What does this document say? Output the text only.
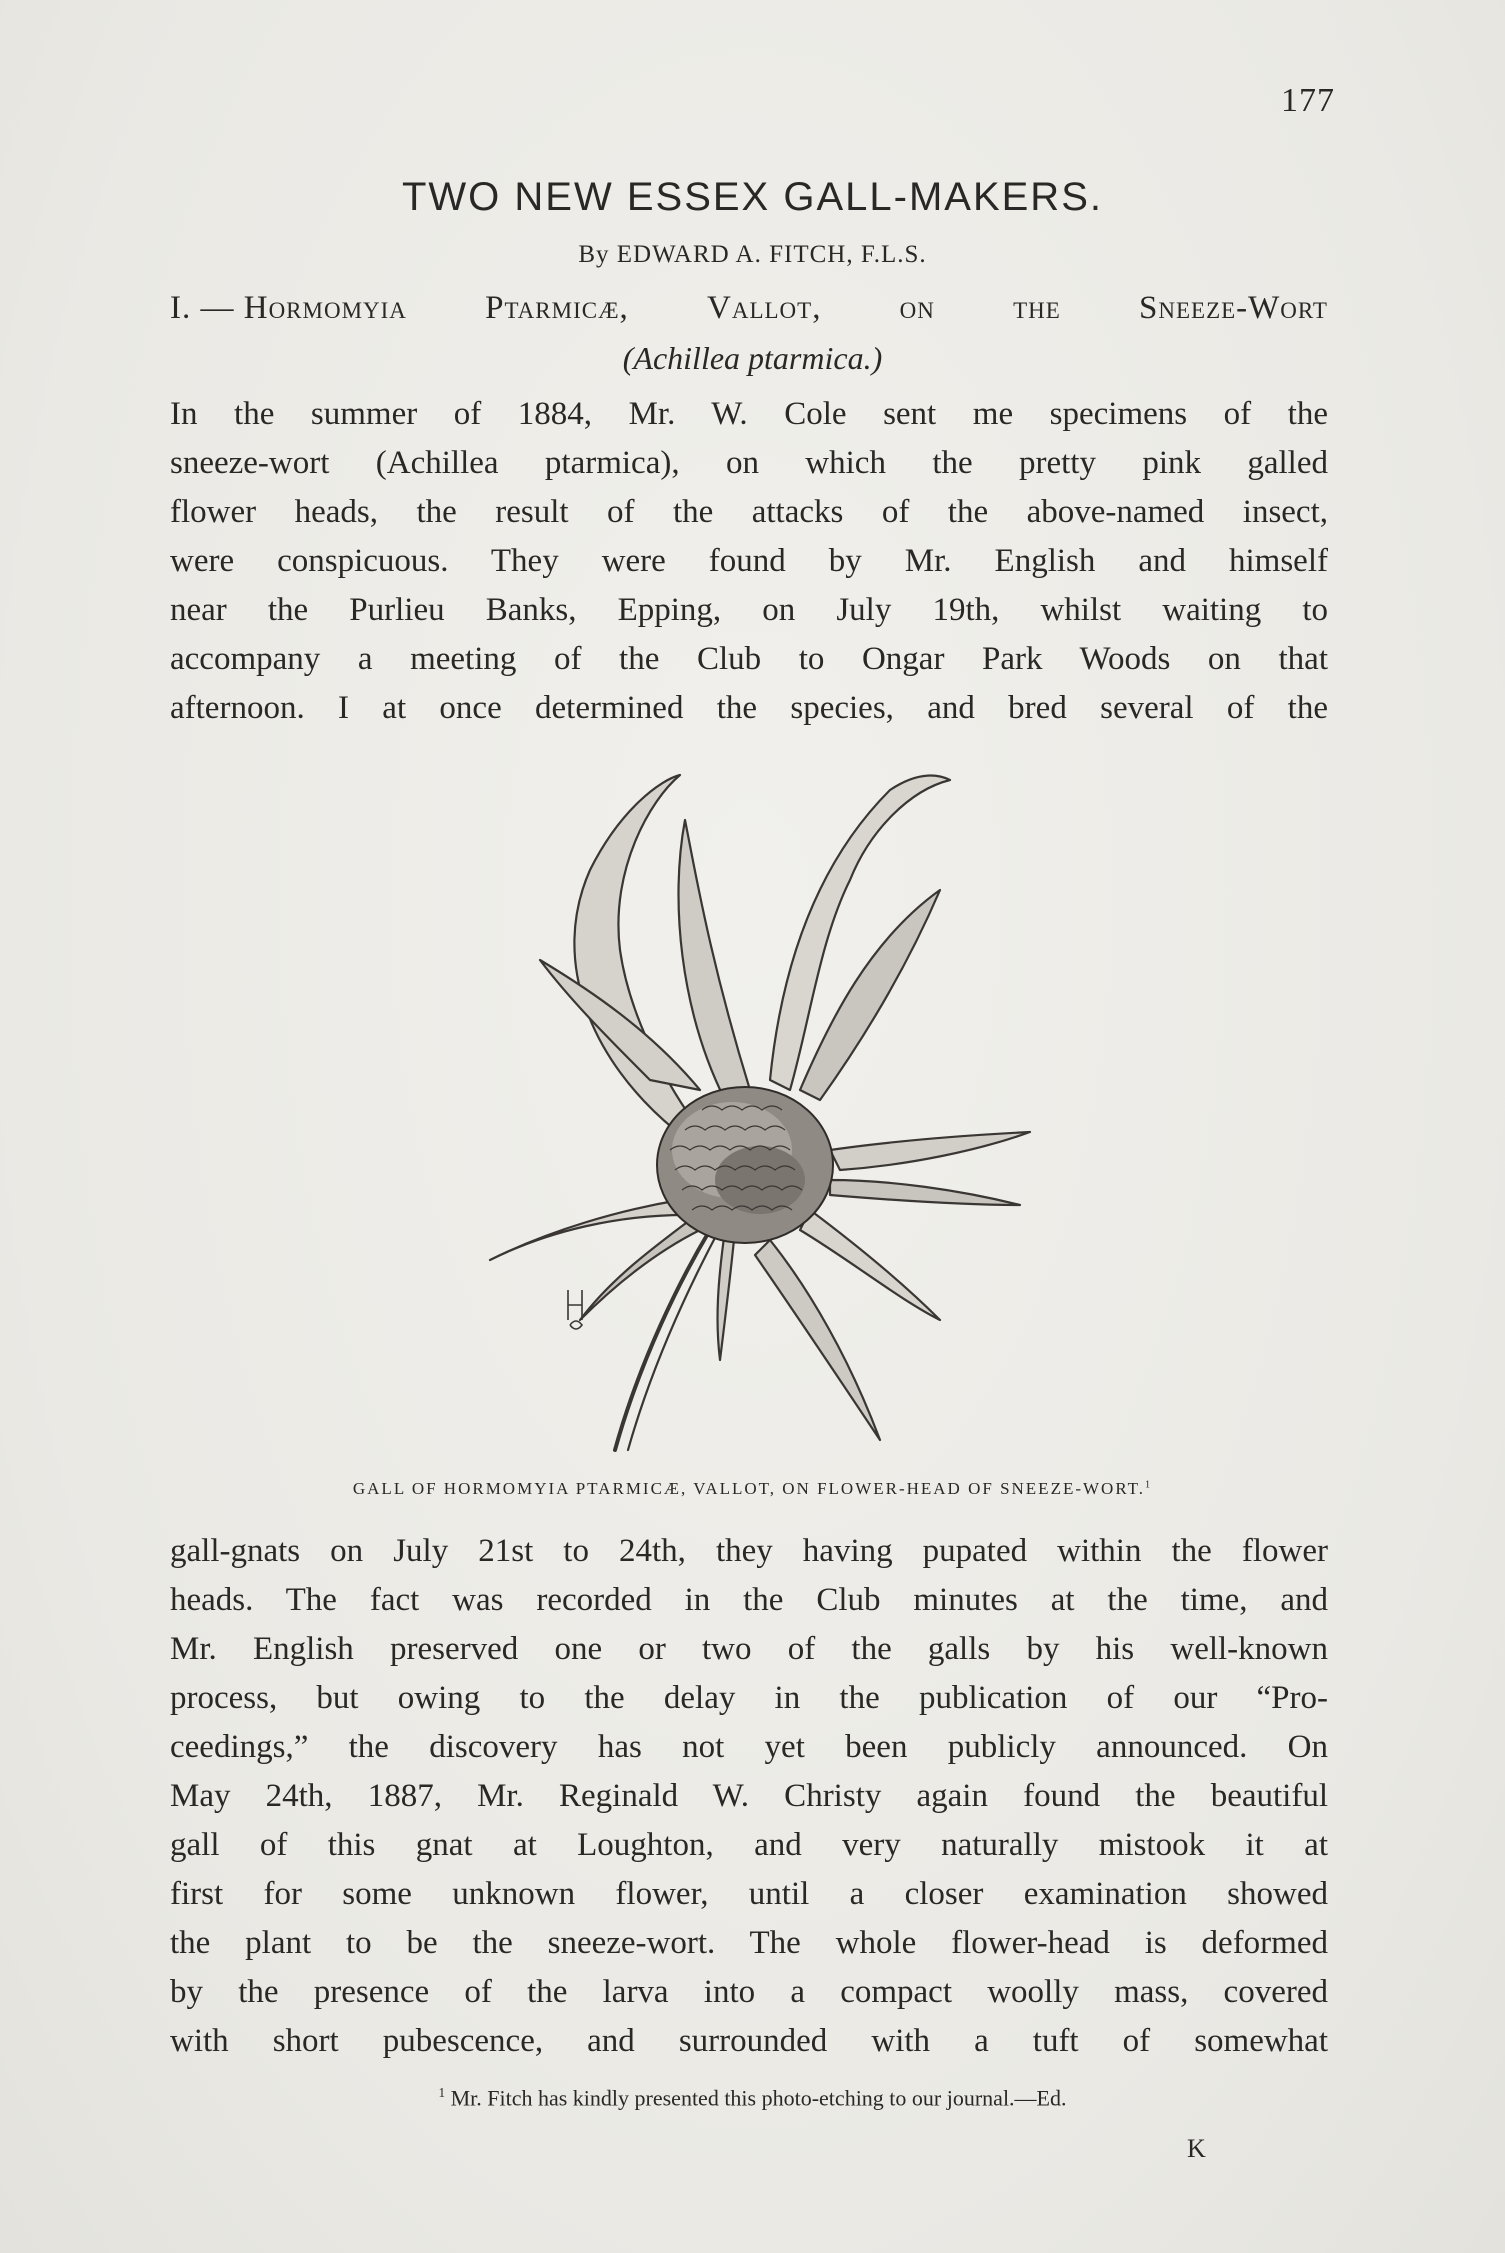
177
TWO NEW ESSEX GALL-MAKERS.
By EDWARD A. FITCH, F.L.S.
I. — Hormomyia Ptarmicæ, Vallot, on the Sneeze-Wort
(Achillea ptarmica.)
In the summer of 1884, Mr. W. Cole sent me specimens of the
sneeze-wort (Achillea ptarmica), on which the pretty pink galled
flower heads, the result of the attacks of the above-named insect,
were conspicuous. They were found by Mr. English and himself
near the Purlieu Banks, Epping, on July 19th, whilst waiting to
accompany a meeting of the Club to Ongar Park Woods on that
afternoon. I at once determined the species, and bred several of the
GALL OF HORMOMYIA PTARMICÆ, VALLOT, ON FLOWER-HEAD OF SNEEZE-WORT.$^1$
gall-gnats on July 21st to 24th, they having pupated within the flower
heads. The fact was recorded in the Club minutes at the time, and
Mr. English preserved one or two of the galls by his well-known
process, but owing to the delay in the publication of our “Pro-
ceedings,” the discovery has not yet been publicly announced. On
May 24th, 1887, Mr. Reginald W. Christy again found the beautiful
gall of this gnat at Loughton, and very naturally mistook it at
first for some unknown flower, until a closer examination showed
the plant to be the sneeze-wort. The whole flower-head is deformed
by the presence of the larva into a compact woolly mass, covered
with short pubescence, and surrounded with a tuft of somewhat
$^1$ Mr. Fitch has kindly presented this photo-etching to our journal.—Ed.
K
